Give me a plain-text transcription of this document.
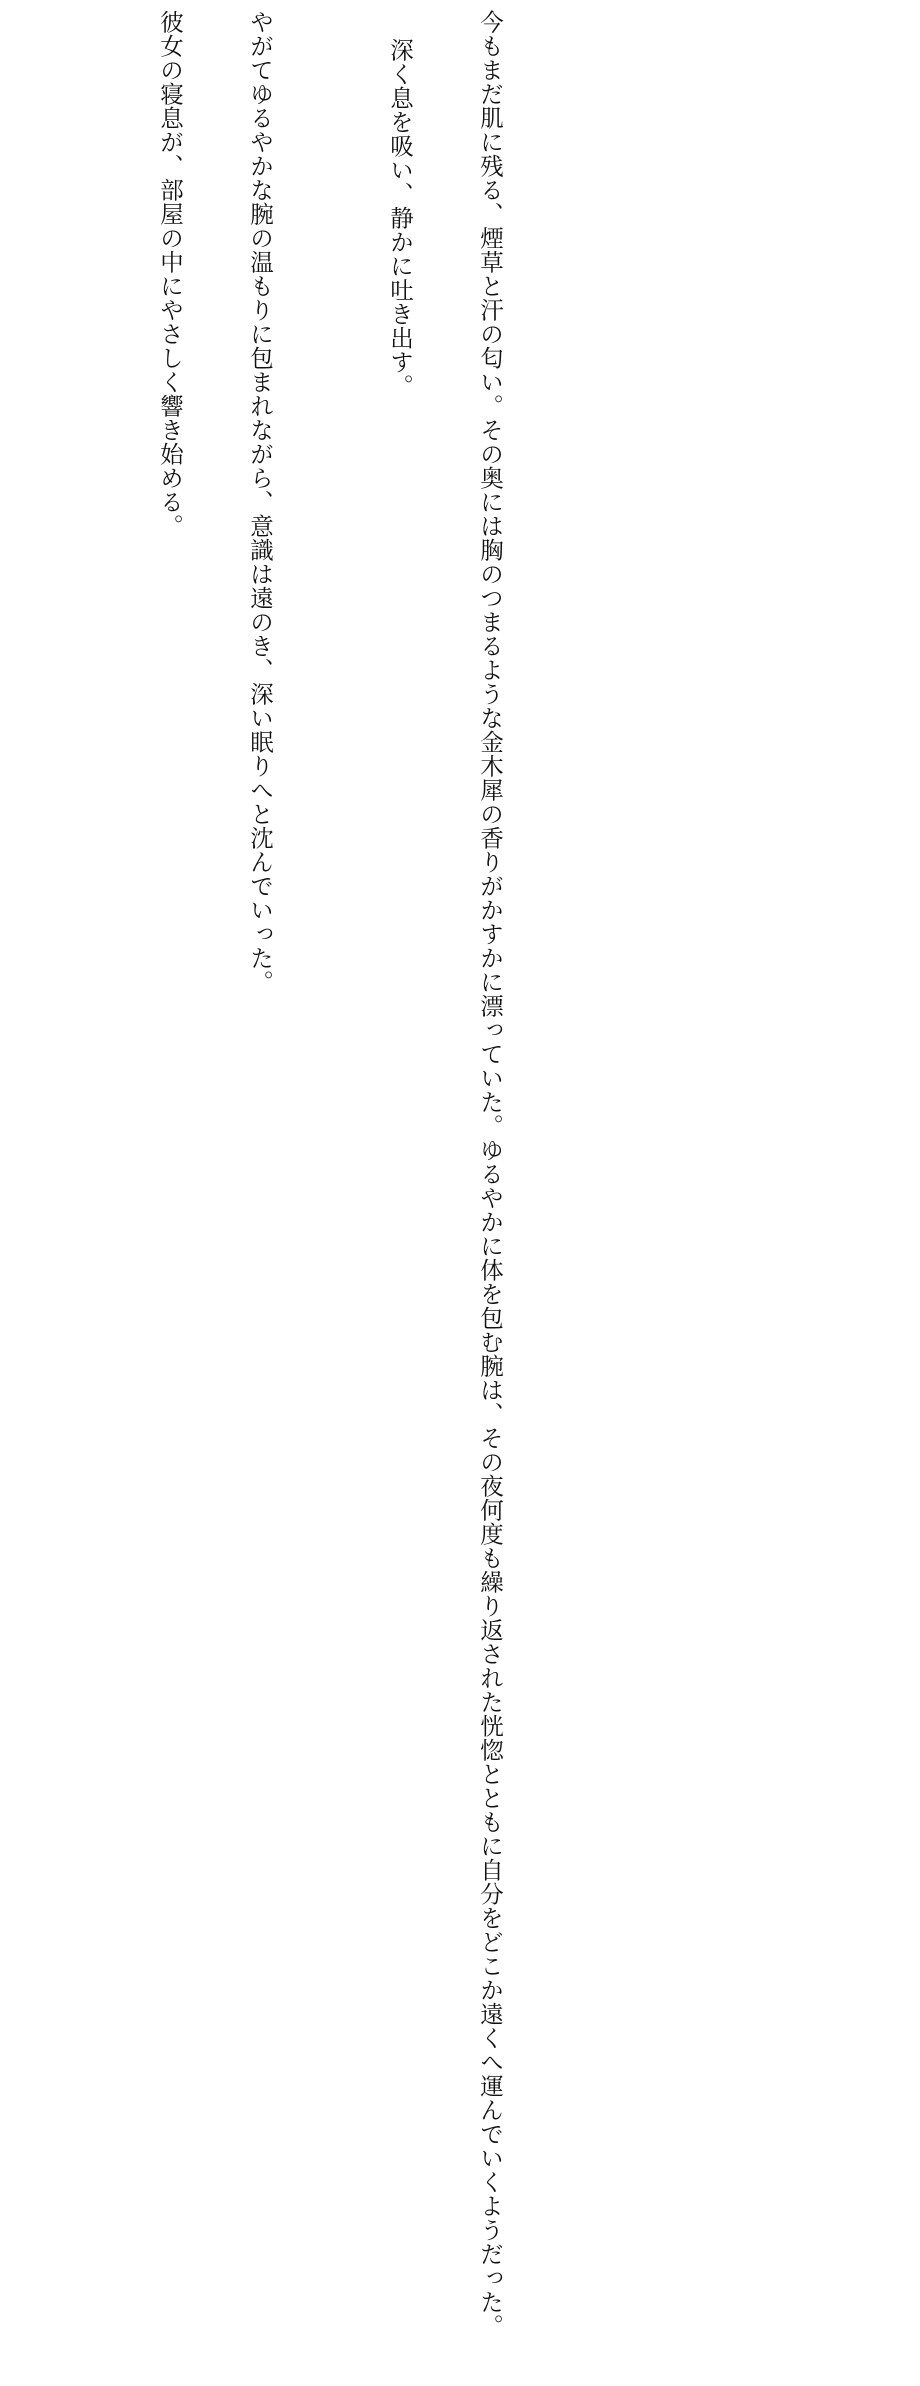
今もまだ肌に残る、煙草と汗の匂い。その奥には胸のつまるような金木犀の香りがかすかに漂っていた。ゆるやかに体を包む腕は、その夜何度も繰り返された恍惚とともに自分をどこか遠くへ運んでいくようだった。
深く息を吸い、静かに吐き出す。
やがてゆるやかな腕の温もりに包まれながら、意識は遠のき、深い眠りへと沈んでいった。
彼女の寝息が、部屋の中にやさしく響き始める。
